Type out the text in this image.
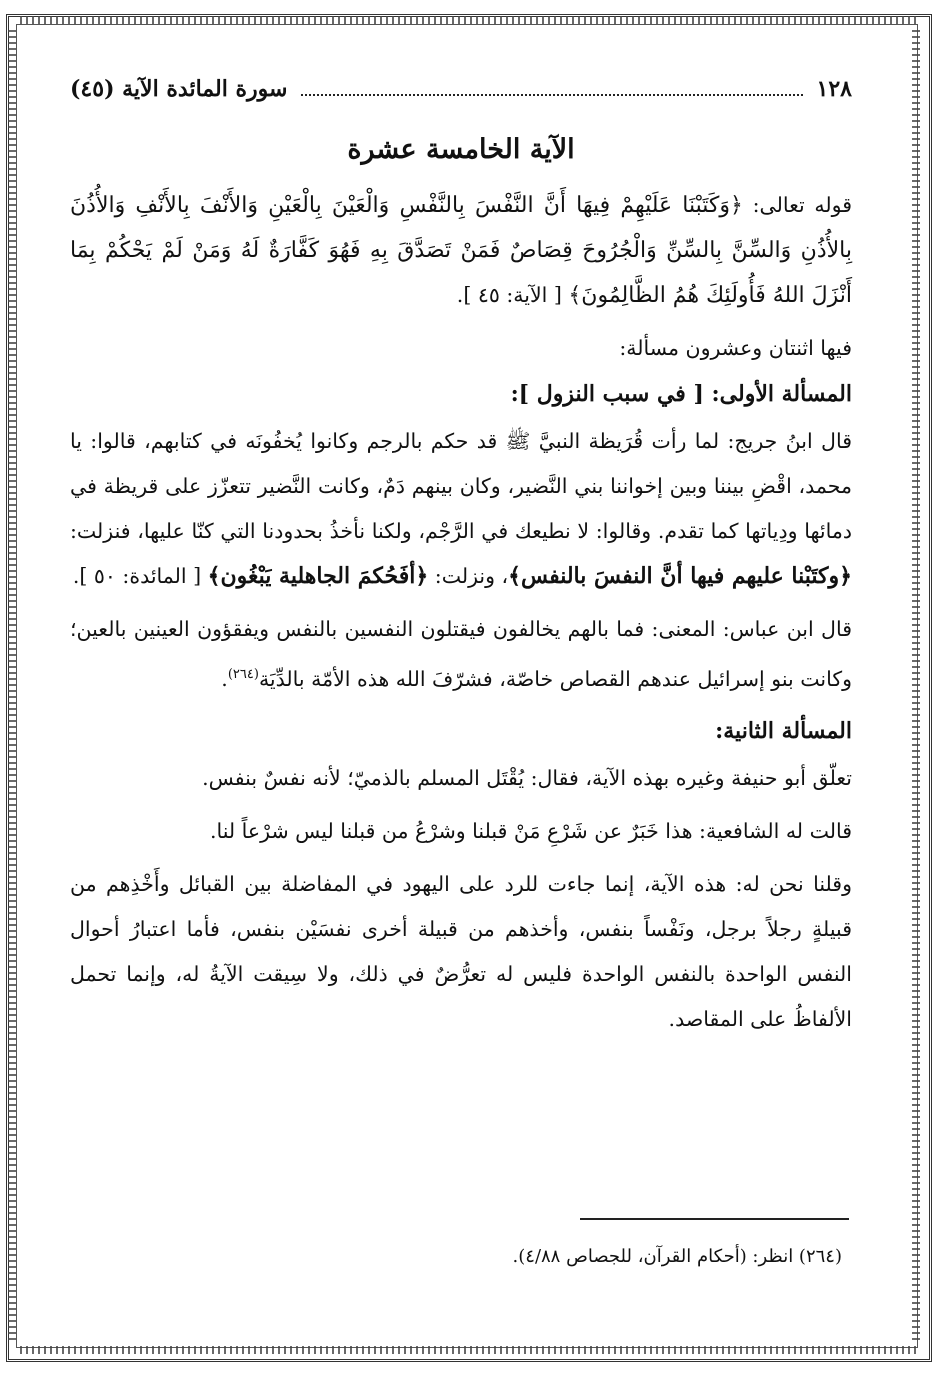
١٢٨
سورة المائدة الآية (٤٥)
الآية الخامسة عشرة

قوله تعالى: ﴿وَكَتَبْنَا عَلَيْهِمْ فِيهَا أَنَّ النَّفْسَ بِالنَّفْسِ وَالْعَيْنَ بِالْعَيْنِ وَالأَنْفَ بِالأَنْفِ وَالأُذُنَ بِالأُذُنِ وَالسِّنَّ بِالسِّنِّ وَالْجُرُوحَ قِصَاصٌ فَمَنْ تَصَدَّقَ بِهِ فَهُوَ كَفَّارَةٌ لَهُ وَمَنْ لَمْ يَحْكُمْ بِمَا أَنْزَلَ اللهُ فَأُولَئِكَ هُمُ الظَّالِمُونَ﴾ [ الآية: ٤٥ ].

فيها اثنتان وعشرون مسألة:

المسألة الأولى: [ في سبب النزول ]:

قال ابنُ جريج: لما رأت قُرَيظة النبيَّ ﷺ قد حكم بالرجم وكانوا يُخفُونَه في كتابهم، قالوا: يا محمد، اقْضِ بيننا وبين إخواننا بني النَّضير، وكان بينهم دَمٌ، وكانت النَّضير تتعزّز على قريظة في دمائها ودِياتها كما تقدم. وقالوا: لا نطيعك في الرَّجْم، ولكنا نأخذُ بحدودنا التي كنّا عليها، فنزلت: ﴿وكتَبْنا عليهم فيها أنَّ النفسَ بالنفس﴾، ونزلت: ﴿أفَحُكمَ الجاهلية يَبْغُون﴾ [ المائدة: ٥٠ ].

قال ابن عباس: المعنى: فما بالهم يخالفون فيقتلون النفسين بالنفس ويفقؤون العينين بالعين؛ وكانت بنو إسرائيل عندهم القصاص خاصّة، فشرّفَ الله هذه الأمّة بالدِّيَة$^{(٢٦٤)}$.

المسألة الثانية:

تعلّق أبو حنيفة وغيره بهذه الآية، فقال: يُقْتَل المسلم بالذميّ؛ لأنه نفسٌ بنفس.

قالت له الشافعية: هذا خَبَرٌ عن شَرْعِ مَنْ قبلنا وشرْعُ من قبلنا ليس شرْعاً لنا.

وقلنا نحن له: هذه الآية، إنما جاءت للرد على اليهود في المفاضلة بين القبائل وأَخْذِهم من قبيلةٍ رجلاً برجل، ونَفْساً بنفس، وأخذهم من قبيلة أخرى نفسَيْن بنفس، فأما اعتبارُ أحوال النفس الواحدة بالنفس الواحدة فليس له تعرُّضٌ في ذلك، ولا سِيقت الآيةُ له، وإنما تحمل الألفاظُ على المقاصد.

(٢٦٤) انظر: (أحكام القرآن، للجصاص ٤/٨٨).
